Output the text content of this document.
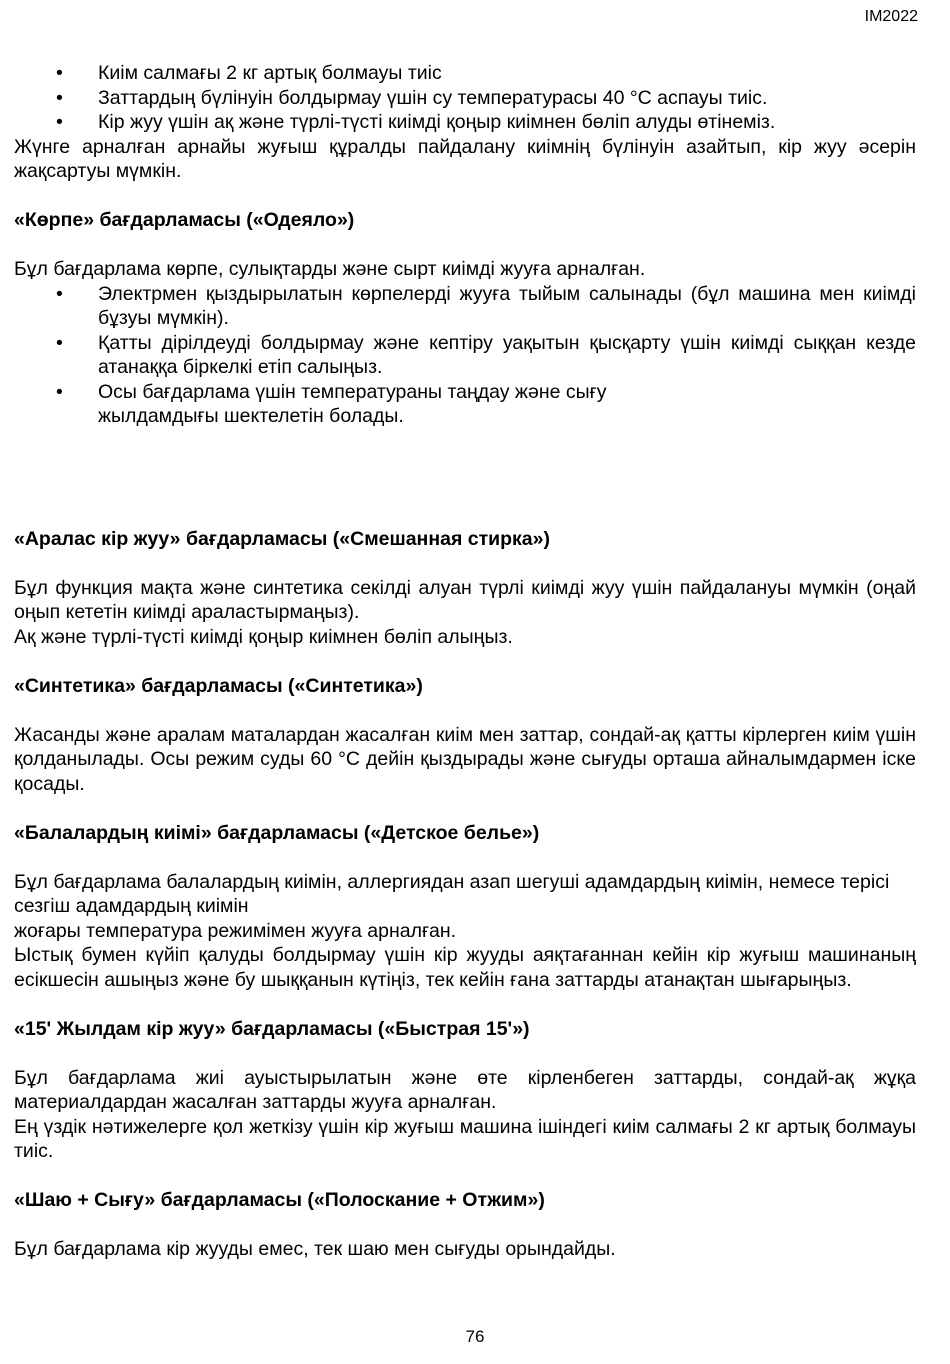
IM2022
• Киім салмағы 2 кг артық болмауы тиіс
• Заттардың бүлінуін болдырмау үшін су температурасы 40 °С аспауы тиіс.
• Кір жуу үшін ақ және түрлі-түсті киімді қоңыр киімнен бөліп алуды өтінеміз.

Жүнге арналған арнайы жуғыш құралды пайдалану киімнің бүлінуін азайтып, кір жуу әсерін жақсартуы мүмкін.

«Көрпе» бағдарламасы («Одеяло»)

Бұл бағдарлама көрпе, сулықтарды және сырт киімді жууға арналған.

• Электрмен қыздырылатын көрпелерді жууға тыйым салынады (бұл машина мен киімді бұзуы мүмкін).
• Қатты дірілдеуді болдырмау және кептіру уақытын қысқарту үшін киімді сыққан кезде атанаққа біркелкі етіп салыңыз.
• Осы бағдарлама үшін температураны таңдау және сығу жылдамдығы шектелетін болады.
«Аралас кір жуу» бағдарламасы («Смешанная стирка»)

Бұл функция мақта және синтетика секілді алуан түрлі киімді жуу үшін пайдалануы мүмкін (оңай оңып кететін киімді араластырмаңыз).

Ақ және түрлі-түсті киімді қоңыр киімнен бөліп алыңыз.

«Синтетика» бағдарламасы («Синтетика»)

Жасанды және аралам маталардан жасалған киім мен заттар, сондай-ақ қатты кірлерген киім үшін қолданылады. Осы режим суды 60 °С дейін қыздырады және сығуды орташа айналымдармен іске қосады.

«Балалардың киімі» бағдарламасы («Детское белье»)

Бұл бағдарлама балалардың киімін, аллергиядан азап шегуші адамдардың киімін, немесе терісі сезгіш адамдардың киімін

жоғары температура режимімен жууға арналған.

Ыстық бумен күйіп қалуды болдырмау үшін кір жууды аяқтағаннан кейін кір жуғыш машинаның есікшесін ашыңыз және бу шыққанын күтіңіз, тек кейін ғана заттарды атанақтан шығарыңыз.

«15' Жылдам кір жуу» бағдарламасы («Быстрая 15'»)

Бұл бағдарлама жиі ауыстырылатын және өте кірленбеген заттарды, сондай-ақ жұқа материалдардан жасалған заттарды жууға арналған.

Ең үздік нәтижелерге қол жеткізу үшін кір жуғыш машина ішіндегі киім салмағы 2 кг артық болмауы тиіс.

«Шаю + Сығу» бағдарламасы («Полоскание + Отжим»)

Бұл бағдарлама кір жууды емес, тек шаю мен сығуды орындайды.

76
